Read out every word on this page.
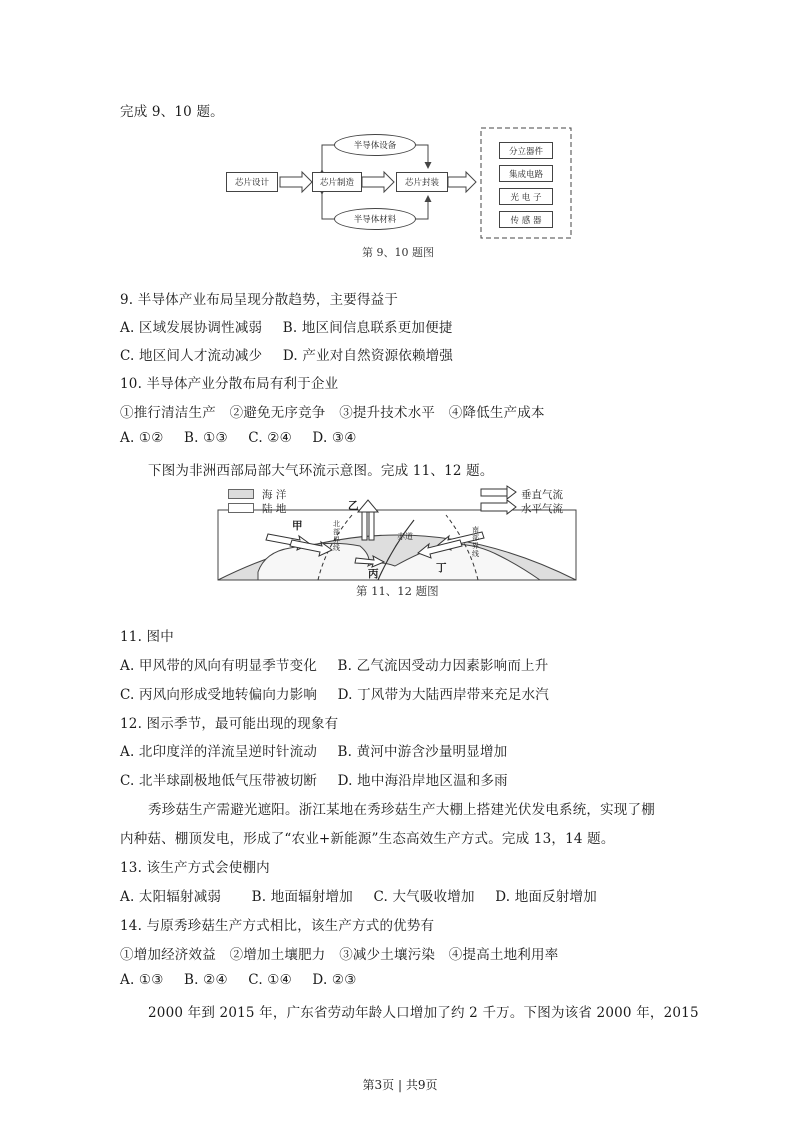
完成 9、10 题。
芯片设计	芯片制造	芯片封装
半导体设备
半导体材料
分立器件
集成电路
光 电 子
传 感 器
第 9、10 题图
9. 半导体产业布局呈现分散趋势，主要得益于
A. 区域发展协调性减弱 B. 地区间信息联系更加便捷
C. 地区间人才流动减少 D. 产业对自然资源依赖增强
10. 半导体产业分散布局有利于企业
①推行清洁生产　②避免无序竞争　③提升技术水平　④降低生产成本
A. ①② B. ①③ C. ②④ D. ③④
下图为非洲西部局部大气环流示意图。完成 11、12 题。
海 洋
陆 地
垂直气流
水平气流
甲
乙
丙	丁
赤道
北部界线
南部界线
第 11、12 题图
11. 图中
A. 甲风带的风向有明显季节变化 B. 乙气流因受动力因素影响而上升
C. 丙风向形成受地转偏向力影响 D. 丁风带为大陆西岸带来充足水汽
12. 图示季节，最可能出现的现象有
A. 北印度洋的洋流呈逆时针流动 B. 黄河中游含沙量明显增加
C. 北半球副极地低气压带被切断 D. 地中海沿岸地区温和多雨
秀珍菇生产需避光遮阳。浙江某地在秀珍菇生产大棚上搭建光伏发电系统，实现了棚
内种菇、棚顶发电，形成了“农业+新能源”生态高效生产方式。完成 13，14 题。
13. 该生产方式会使棚内
A. 太阳辐射减弱 B. 地面辐射增加 C. 大气吸收增加 D. 地面反射增加
14. 与原秀珍菇生产方式相比，该生产方式的优势有
①增加经济效益　②增加土壤肥力　③减少土壤污染　④提高土地利用率
A. ①③ B. ②④ C. ①④ D. ②③
2000 年到 2015 年，广东省劳动年龄人口增加了约 2 千万。下图为该省 2000 年，2015
第3页 | 共9页
